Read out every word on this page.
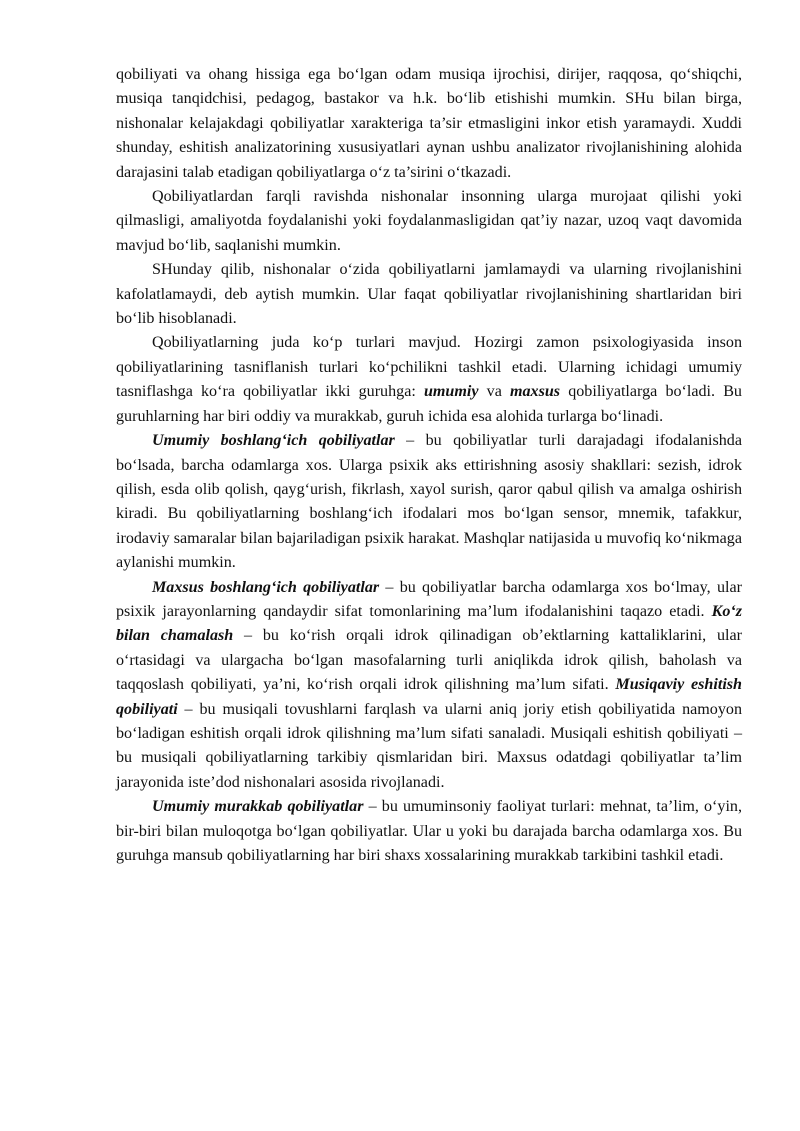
qobiliyati va ohang hissiga ega bo‘lgan odam musiqa ijrochisi, dirijer, raqqosa, qo‘shiqchi, musiqa tanqidchisi, pedagog, bastakor va h.k. bo‘lib etishishi mumkin. SHu bilan birga, nishonalar kelajakdagi qobiliyatlar xarakteriga ta’sir etmasligini inkor etish yaramaydi. Xuddi shunday, eshitish analizatorining xususiyatlari aynan ushbu analizator rivojlanishining alohida darajasini talab etadigan qobiliyatlarga o‘z ta’sirini o‘tkazadi.

Qobiliyatlardan farqli ravishda nishonalar insonning ularga murojaat qilishi yoki qilmasligi, amaliyotda foydalanishi yoki foydalanmasligidan qat’iy nazar, uzoq vaqt davomida mavjud bo‘lib, saqlanishi mumkin.

SHunday qilib, nishonalar o‘zida qobiliyatlarni jamlamaydi va ularning rivojlanishini kafolatlamaydi, deb aytish mumkin. Ular faqat qobiliyatlar rivojlanishining shartlaridan biri bo‘lib hisoblanadi.

Qobiliyatlarning juda ko‘p turlari mavjud. Hozirgi zamon psixologiyasida inson qobiliyatlarining tasniflanish turlari ko‘pchilikni tashkil etadi. Ularning ichidagi umumiy tasniflashga ko‘ra qobiliyatlar ikki guruhga: umumiy va maxsus qobiliyatlarga bo‘ladi. Bu guruhlarning har biri oddiy va murakkab, guruh ichida esa alohida turlarga bo‘linadi.

Umumiy boshlang‘ich qobiliyatlar – bu qobiliyatlar turli darajadagi ifodalanishda bo‘lsada, barcha odamlarga xos. Ularga psixik aks ettirishning asosiy shakllari: sezish, idrok qilish, esda olib qolish, qayg‘urish, fikrlash, xayol surish, qaror qabul qilish va amalga oshirish kiradi. Bu qobiliyatlarning boshlang‘ich ifodalari mos bo‘lgan sensor, mnemik, tafakkur, irodaviy samaralar bilan bajariladigan psixik harakat. Mashqlar natijasida u muvofiq ko‘nikmaga aylanishi mumkin.

Maxsus boshlang‘ich qobiliyatlar – bu qobiliyatlar barcha odamlarga xos bo‘lmay, ular psixik jarayonlarning qandaydir sifat tomonlarining ma’lum ifodalanishini taqazo etadi. Ko‘z bilan chamalash – bu ko‘rish orqali idrok qilinadigan ob’ektlarning kattaliklarini, ular o‘rtasidagi va ulargacha bo‘lgan masofalarning turli aniqlikda idrok qilish, baholash va taqqoslash qobiliyati, ya’ni, ko‘rish orqali idrok qilishning ma’lum sifati. Musiqaviy eshitish qobiliyati – bu musiqali tovushlarni farqlash va ularni aniq joriy etish qobiliyatida namoyon bo‘ladigan eshitish orqali idrok qilishning ma’lum sifati sanaladi. Musiqali eshitish qobiliyati – bu musiqali qobiliyatlarning tarkibiy qismlaridan biri. Maxsus odatdagi qobiliyatlar ta’lim jarayonida iste’dod nishonalari asosida rivojlanadi.

Umumiy murakkab qobiliyatlar – bu umuminsoniy faoliyat turlari: mehnat, ta’lim, o‘yin, bir-biri bilan muloqotga bo‘lgan qobiliyatlar. Ular u yoki bu darajada barcha odamlarga xos. Bu guruhga mansub qobiliyatlarning har biri shaxs xossalarining murakkab tarkibini tashkil etadi.
